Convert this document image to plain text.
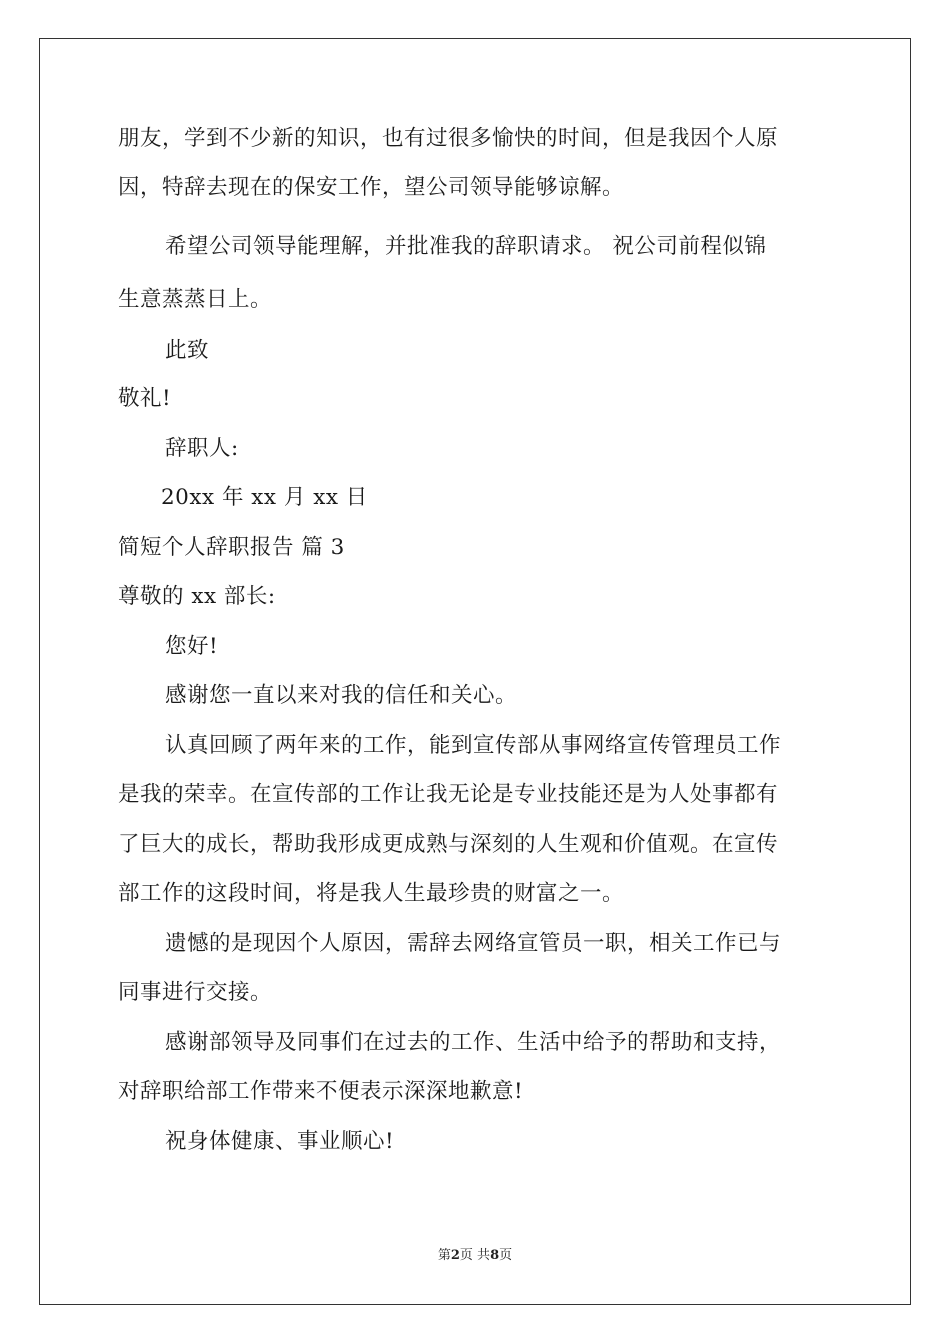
朋友，学到不少新的知识，也有过很多愉快的时间，但是我因个人原
因，特辞去现在的保安工作，望公司领导能够谅解。
希望公司领导能理解，并批准我的辞职请求。 祝公司前程似锦
生意蒸蒸日上。
此致
敬礼!
辞职人:
20xx 年 xx 月 xx 日
简短个人辞职报告 篇 3
尊敬的 xx 部长:
您好!
感谢您一直以来对我的信任和关心。
认真回顾了两年来的工作，能到宣传部从事网络宣传管理员工作
是我的荣幸。在宣传部的工作让我无论是专业技能还是为人处事都有
了巨大的成长，帮助我形成更成熟与深刻的人生观和价值观。在宣传
部工作的这段时间，将是我人生最珍贵的财富之一。
遗憾的是现因个人原因，需辞去网络宣管员一职，相关工作已与
同事进行交接。
感谢部领导及同事们在过去的工作、生活中给予的帮助和支持，
对辞职给部工作带来不便表示深深地歉意!
祝身体健康、事业顺心!
第2页 共8页
